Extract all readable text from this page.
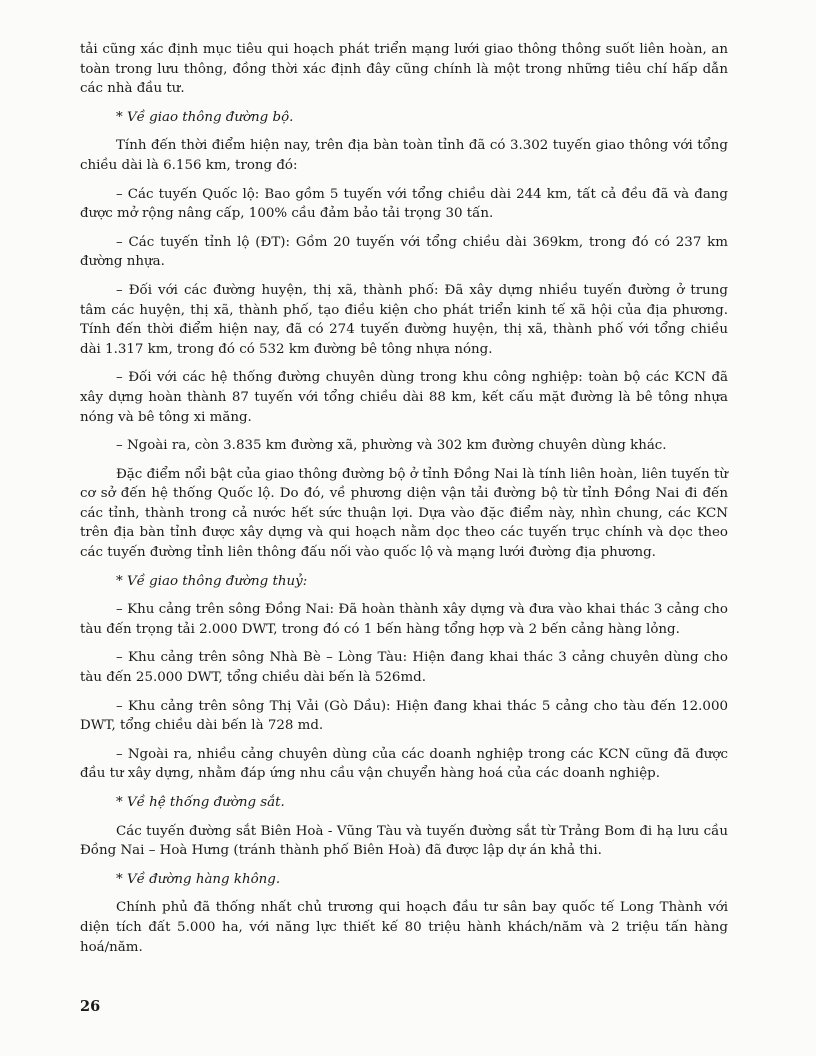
tải cũng xác định mục tiêu qui hoạch phát triển mạng lưới giao thông thông suốt liên hoàn, an toàn trong lưu thông, đồng thời xác định đây cũng chính là một trong những tiêu chí hấp dẫn các nhà đầu tư.

* Về giao thông đường bộ.

Tính đến thời điểm hiện nay, trên địa bàn toàn tỉnh đã có 3.302 tuyến giao thông với tổng chiều dài là 6.156 km, trong đó:

– Các tuyến Quốc lộ: Bao gồm 5 tuyến với tổng chiều dài 244 km, tất cả đều đã và đang được mở rộng nâng cấp, 100% cầu đảm bảo tải trọng 30 tấn.

– Các tuyến tỉnh lộ (ĐT): Gồm 20 tuyến với tổng chiều dài 369km, trong đó có 237 km đường nhựa.

– Đối với các đường huyện, thị xã, thành phố: Đã xây dựng nhiều tuyến đường ở trung tâm các huyện, thị xã, thành phố, tạo điều kiện cho phát triển kinh tế xã hội của địa phương. Tính đến thời điểm hiện nay, đã có 274 tuyến đường huyện, thị xã, thành phố với tổng chiều dài 1.317 km, trong đó có 532 km đường bê tông nhựa nóng.

– Đối với các hệ thống đường chuyên dùng trong khu công nghiệp: toàn bộ các KCN đã xây dựng hoàn thành 87 tuyến với tổng chiều dài 88 km, kết cấu mặt đường là bê tông nhựa nóng và bê tông xi măng.

– Ngoài ra, còn 3.835 km đường xã, phường và 302 km đường chuyên dùng khác.

Đặc điểm nổi bật của giao thông đường bộ ở tỉnh Đồng Nai là tính liên hoàn, liên tuyến từ cơ sở đến hệ thống Quốc lộ. Do đó, về phương diện vận tải đường bộ từ tỉnh Đồng Nai đi đến các tỉnh, thành trong cả nước hết sức thuận lợi. Dựa vào đặc điểm này, nhìn chung, các KCN trên địa bàn tỉnh được xây dựng và qui hoạch nằm dọc theo các tuyến trục chính và dọc theo các tuyến đường tỉnh liên thông đấu nối vào quốc lộ và mạng lưới đường địa phương.

* Về giao thông đường thuỷ:

– Khu cảng trên sông Đồng Nai: Đã hoàn thành xây dựng và đưa vào khai thác 3 cảng cho tàu đến trọng tải 2.000 DWT, trong đó có 1 bến hàng tổng hợp và 2 bến cảng hàng lỏng.

– Khu cảng trên sông Nhà Bè – Lòng Tàu: Hiện đang khai thác 3 cảng chuyên dùng cho tàu đến 25.000 DWT, tổng chiều dài bến là 526md.

– Khu cảng trên sông Thị Vải (Gò Dầu): Hiện đang khai thác 5 cảng cho tàu đến 12.000 DWT, tổng chiều dài bến là 728 md.

– Ngoài ra, nhiều cảng chuyên dùng của các doanh nghiệp trong các KCN cũng đã được đầu tư xây dựng, nhằm đáp ứng nhu cầu vận chuyển hàng hoá của các doanh nghiệp.

* Về hệ thống đường sắt.

Các tuyến đường sắt Biên Hoà - Vũng Tàu và tuyến đường sắt từ Trảng Bom đi hạ lưu cầu Đồng Nai – Hoà Hưng (tránh thành phố Biên Hoà) đã được lập dự án khả thi.

* Về đường hàng không.

Chính phủ đã thống nhất chủ trương qui hoạch đầu tư sân bay quốc tế Long Thành với diện tích đất 5.000 ha, với năng lực thiết kế 80 triệu hành khách/năm và 2 triệu tấn hàng hoá/năm.

26
